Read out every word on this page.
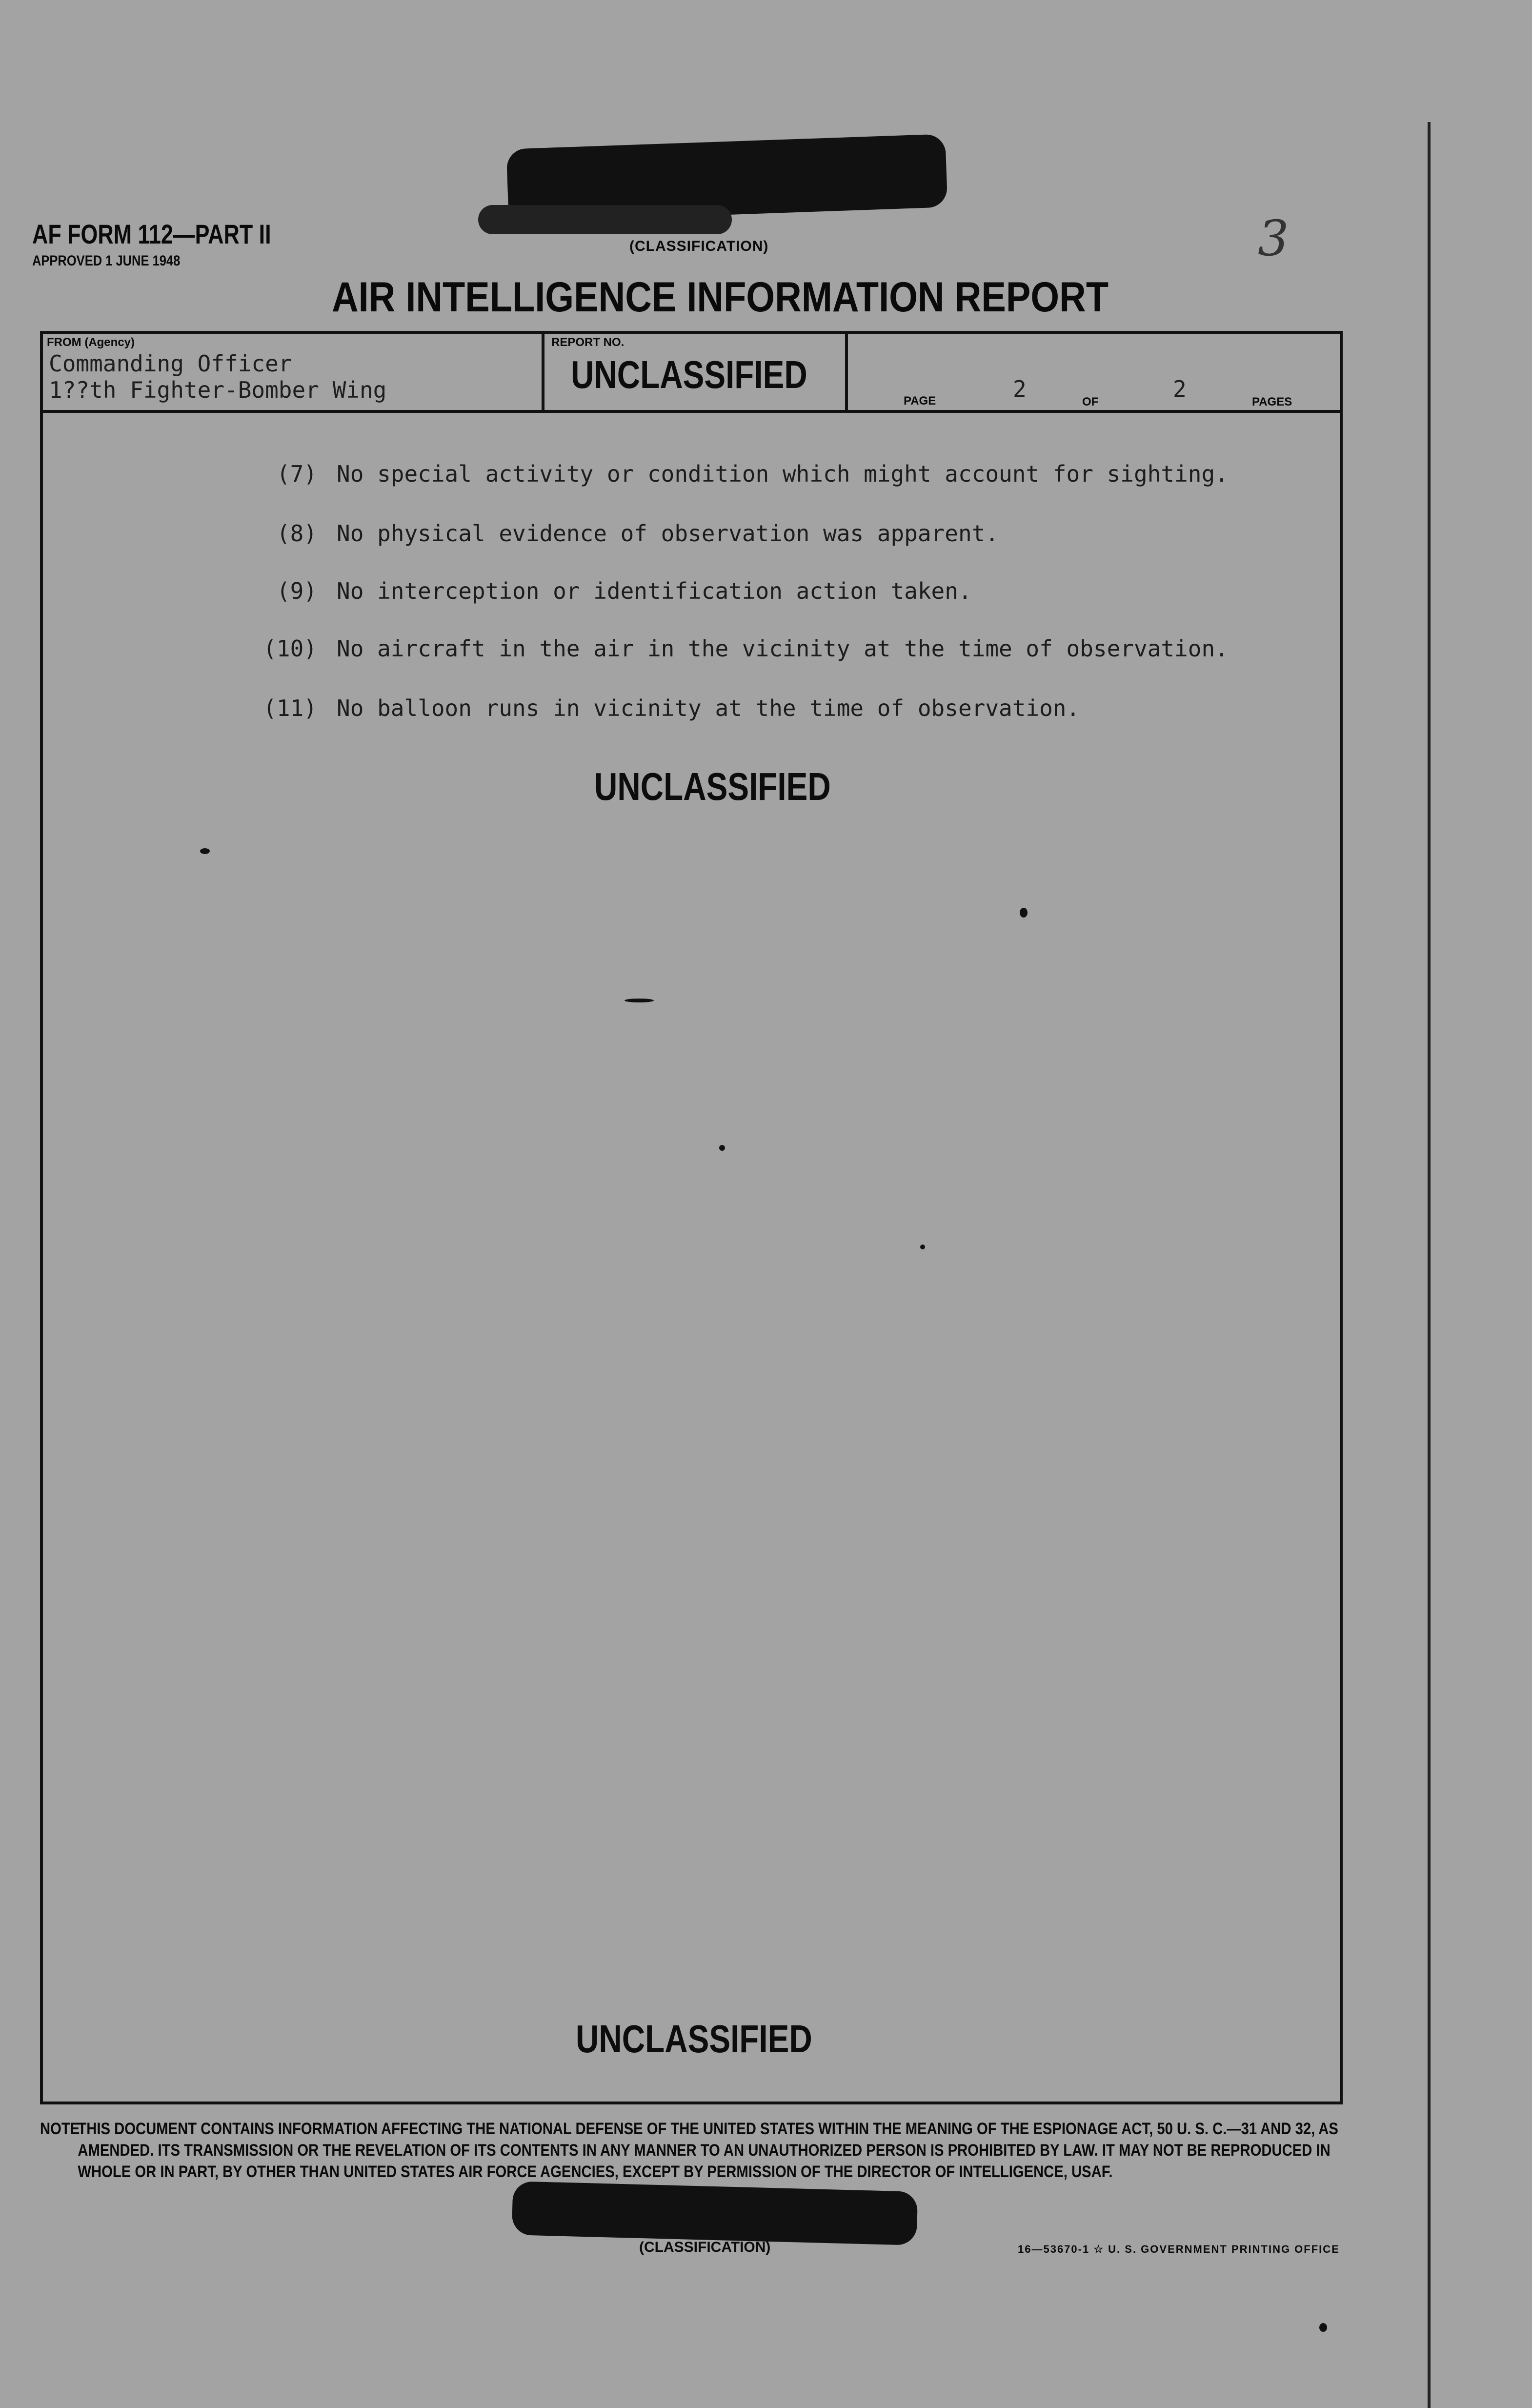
(CLASSIFICATION)
AF FORM 112—PART II
APPROVED 1 JUNE 1948	3
AIR INTELLIGENCE INFORMATION REPORT
FROM (Agency)
Commanding Officer
1??th Fighter-Bomber Wing
REPORT NO.
UNCLASSIFIED
PAGE	2	OF	2	PAGES
(7) No special activity or condition which might account for sighting.
(8) No physical evidence of observation was apparent.
(9) No interception or identification action taken.
(10) No aircraft in the air in the vicinity at the time of observation.
(11) No balloon runs in vicinity at the time of observation.
UNCLASSIFIED
UNCLASSIFIED
NOTE:
THIS DOCUMENT CONTAINS INFORMATION AFFECTING THE NATIONAL DEFENSE OF THE UNITED STATES WITHIN THE MEANING OF THE ESPIONAGE ACT, 50 U. S. C.—31 AND 32, AS AMENDED. ITS TRANSMISSION OR THE REVELATION OF ITS CONTENTS IN ANY MANNER TO AN UNAUTHORIZED PERSON IS PROHIBITED BY LAW. IT MAY NOT BE REPRODUCED IN WHOLE OR IN PART, BY OTHER THAN UNITED STATES AIR FORCE AGENCIES, EXCEPT BY PERMISSION OF THE DIRECTOR OF INTELLIGENCE, USAF.
(CLASSIFICATION)	16—53670-1 ☆ U. S. GOVERNMENT PRINTING OFFICE
